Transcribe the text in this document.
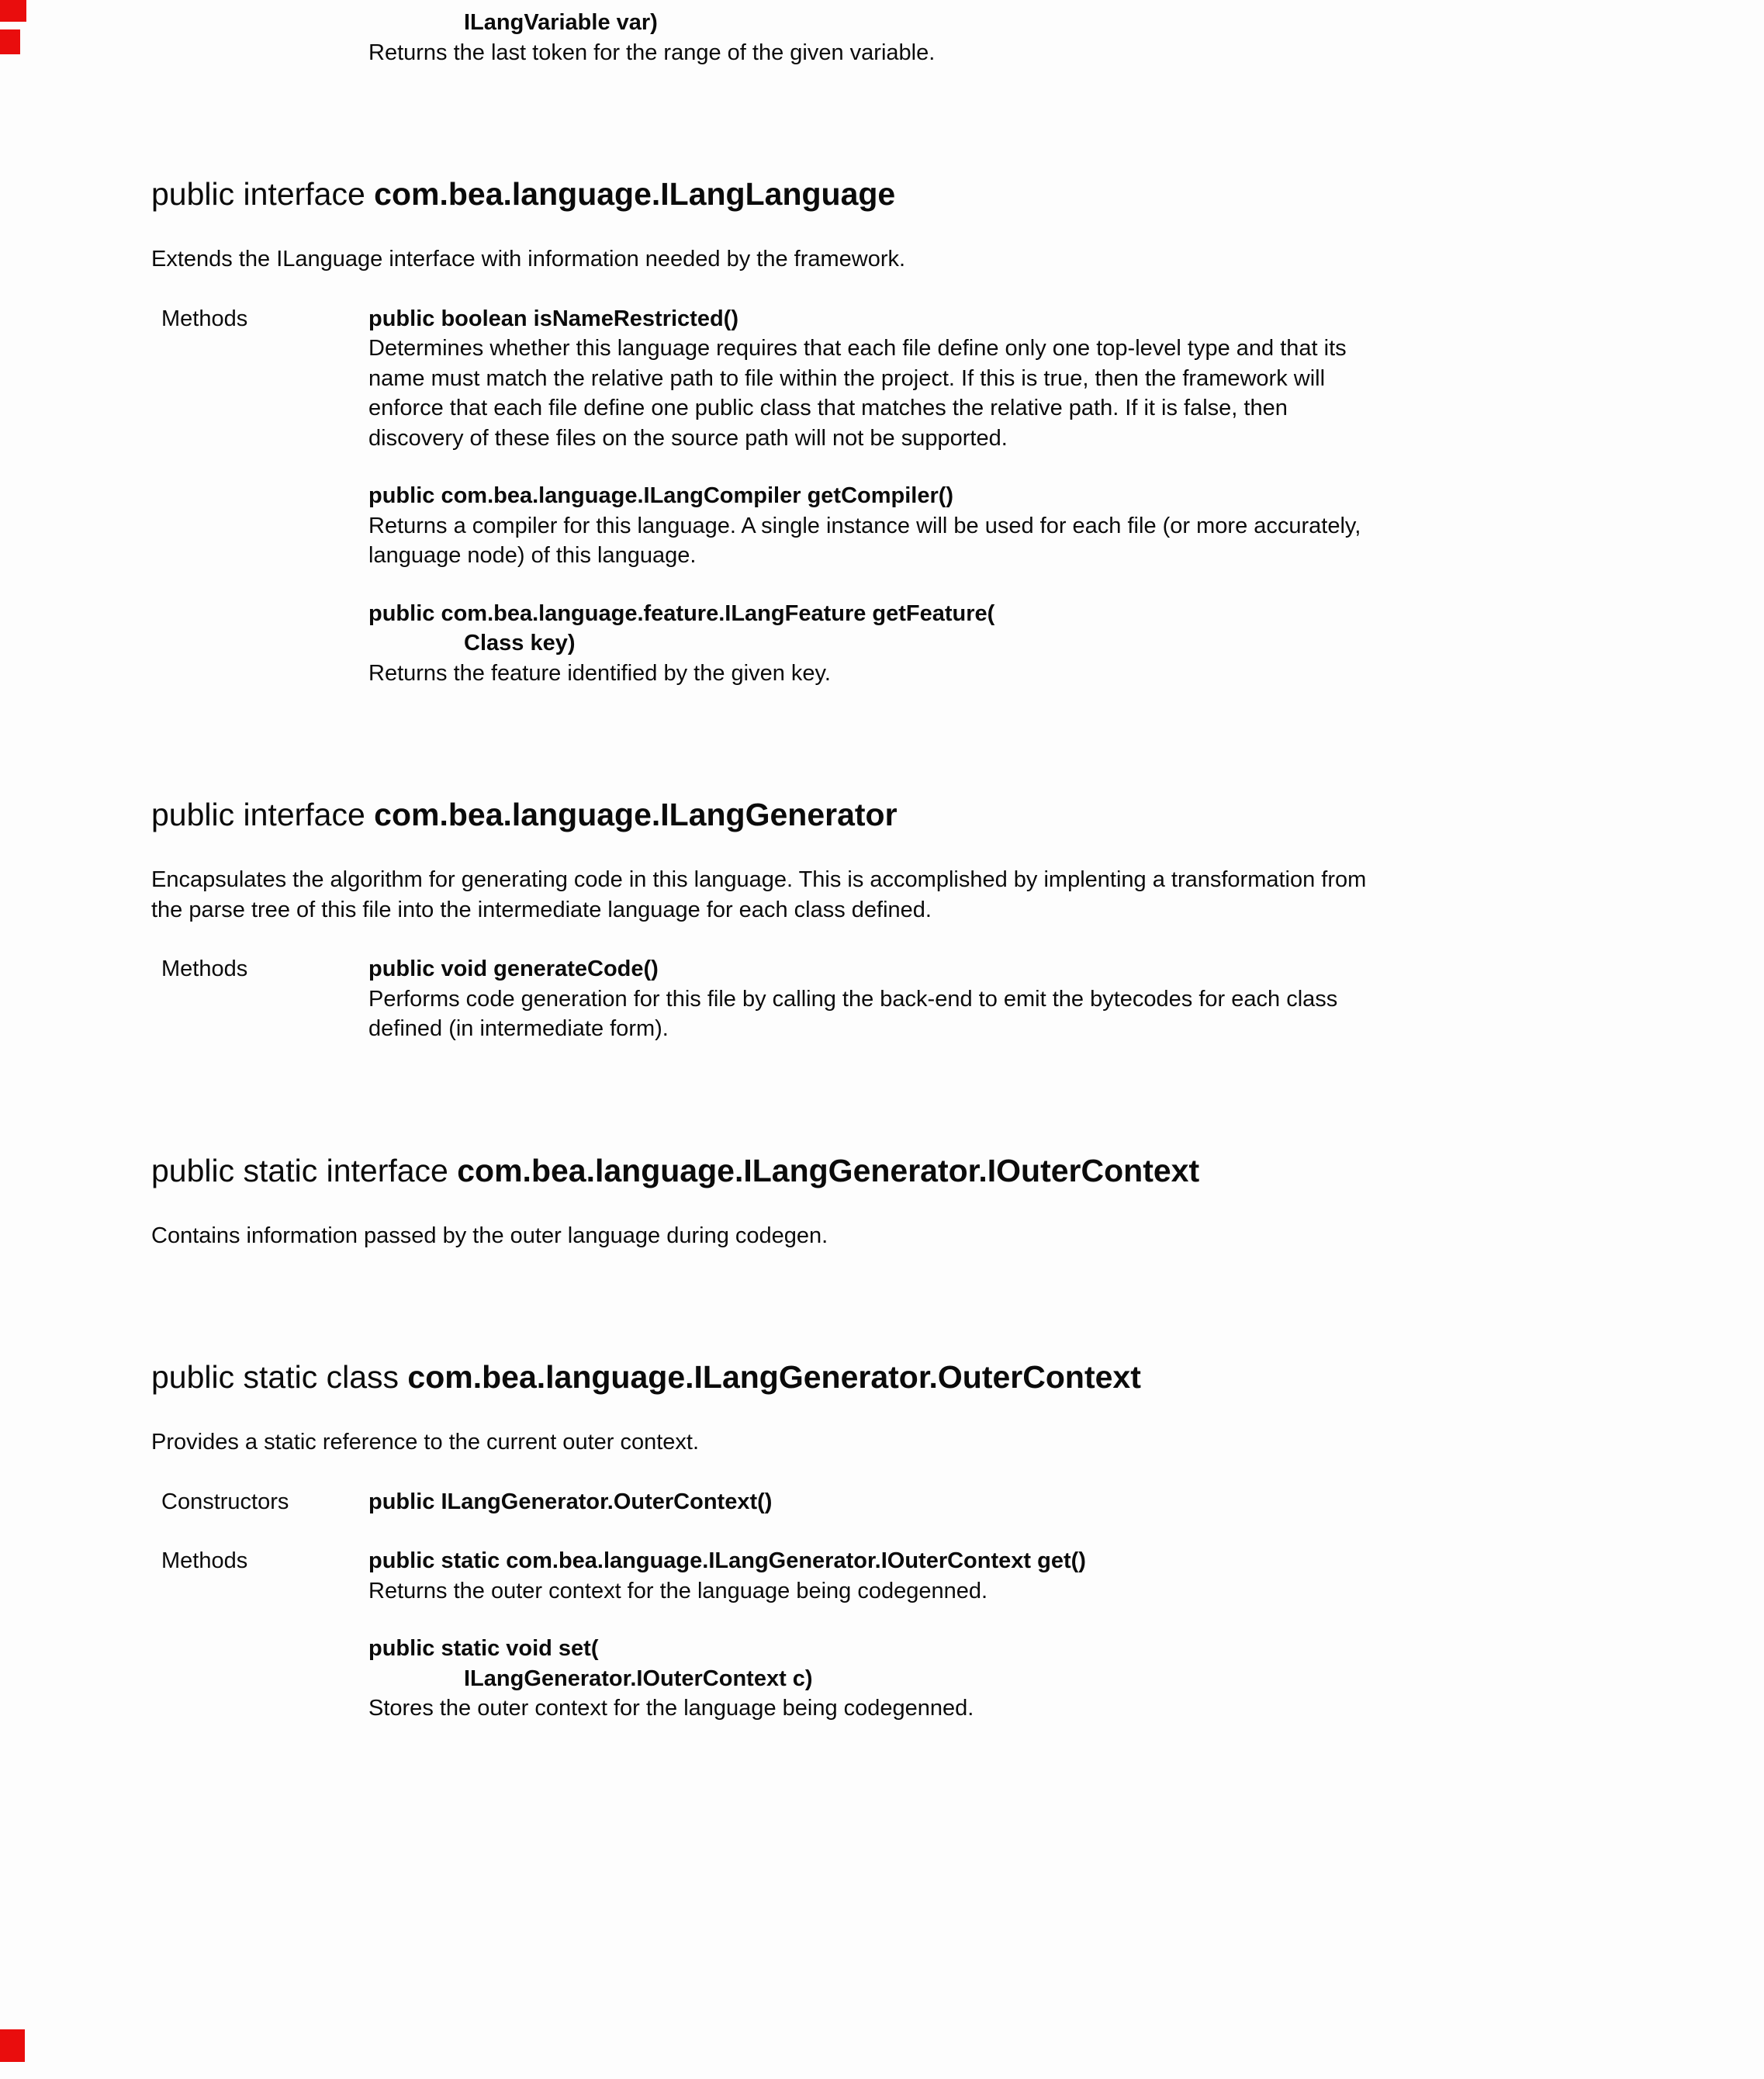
ILangVariable var)

Returns the last token for the range of the given variable.

public interface com.bea.language.ILangLanguage

Extends the ILanguage interface with information needed by the framework.

Methods	public boolean isNameRestricted()

Determines whether this language requires that each file define only one top-level type and that its name must match the relative path to file within the project. If this is true, then the framework will enforce that each file define one public class that matches the relative path. If it is false, then discovery of these files on the source path will not be supported.

public com.bea.language.ILangCompiler getCompiler()

Returns a compiler for this language. A single instance will be used for each file (or more accurately, language node) of this language.

public com.bea.language.feature.ILangFeature getFeature(
Class key)

Returns the feature identified by the given key.

public interface com.bea.language.ILangGenerator

Encapsulates the algorithm for generating code in this language. This is accomplished by implenting a transformation from the parse tree of this file into the intermediate language for each class defined.

Methods	public void generateCode()

Performs code generation for this file by calling the back-end to emit the bytecodes for each class defined (in intermediate form).

public static interface com.bea.language.ILangGenerator.IOuterContext

Contains information passed by the outer language during codegen.

public static class com.bea.language.ILangGenerator.OuterContext

Provides a static reference to the current outer context.

Constructors	public ILangGenerator.OuterContext()
Methods	public static com.bea.language.ILangGenerator.IOuterContext get()

Returns the outer context for the language being codegenned.

public static void set(
ILangGenerator.IOuterContext c)

Stores the outer context for the language being codegenned.
